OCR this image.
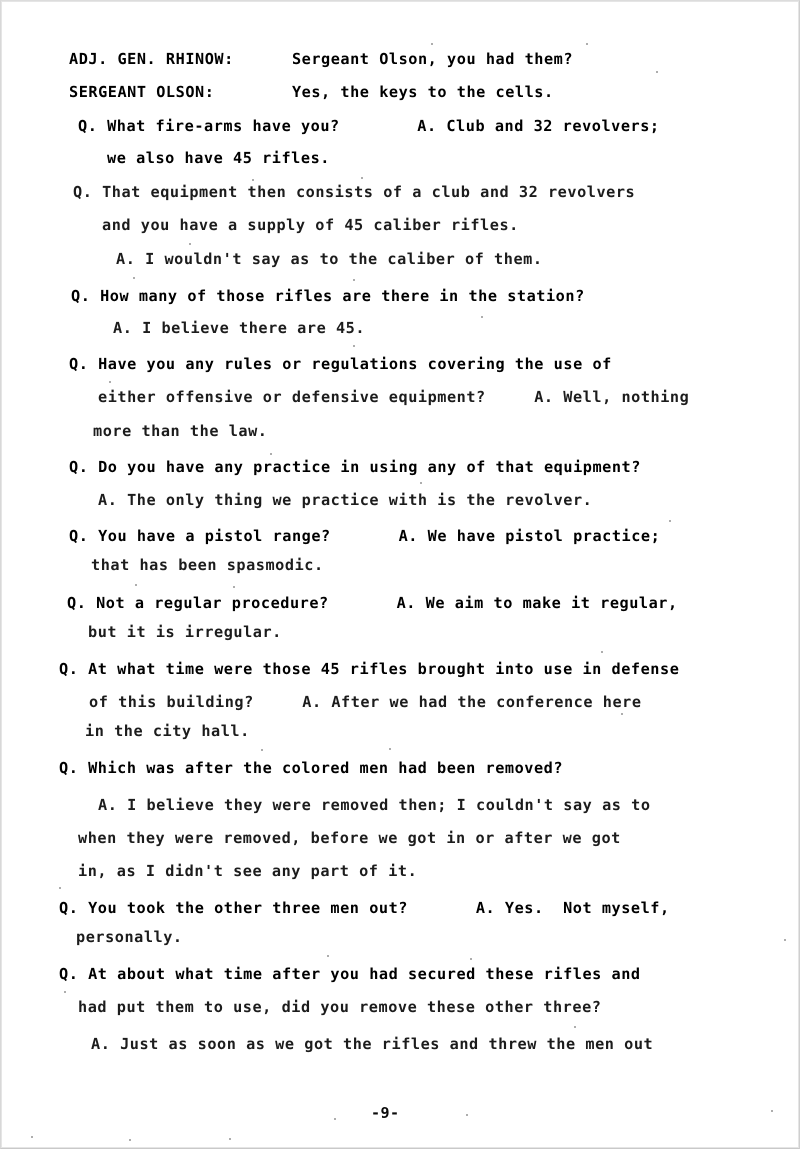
ADJ. GEN. RHINOW:      Sergeant Olson, you had them?
SERGEANT OLSON:        Yes, the keys to the cells.
Q. What fire-arms have you?        A. Club and 32 revolvers;
we also have 45 rifles.
Q. That equipment then consists of a club and 32 revolvers
and you have a supply of 45 caliber rifles.
A. I wouldn't say as to the caliber of them.
Q. How many of those rifles are there in the station?
A. I believe there are 45.
Q. Have you any rules or regulations covering the use of
either offensive or defensive equipment?     A. Well, nothing
more than the law.
Q. Do you have any practice in using any of that equipment?
A. The only thing we practice with is the revolver.
Q. You have a pistol range?       A. We have pistol practice;
that has been spasmodic.
Q. Not a regular procedure?       A. We aim to make it regular,
but it is irregular.
Q. At what time were those 45 rifles brought into use in defense
of this building?     A. After we had the conference here
in the city hall.
Q. Which was after the colored men had been removed?
A. I believe they were removed then; I couldn't say as to
when they were removed, before we got in or after we got
in, as I didn't see any part of it.
Q. You took the other three men out?       A. Yes.  Not myself,
personally.
Q. At about what time after you had secured these rifles and
had put them to use, did you remove these other three?
A. Just as soon as we got the rifles and threw the men out
-9-
